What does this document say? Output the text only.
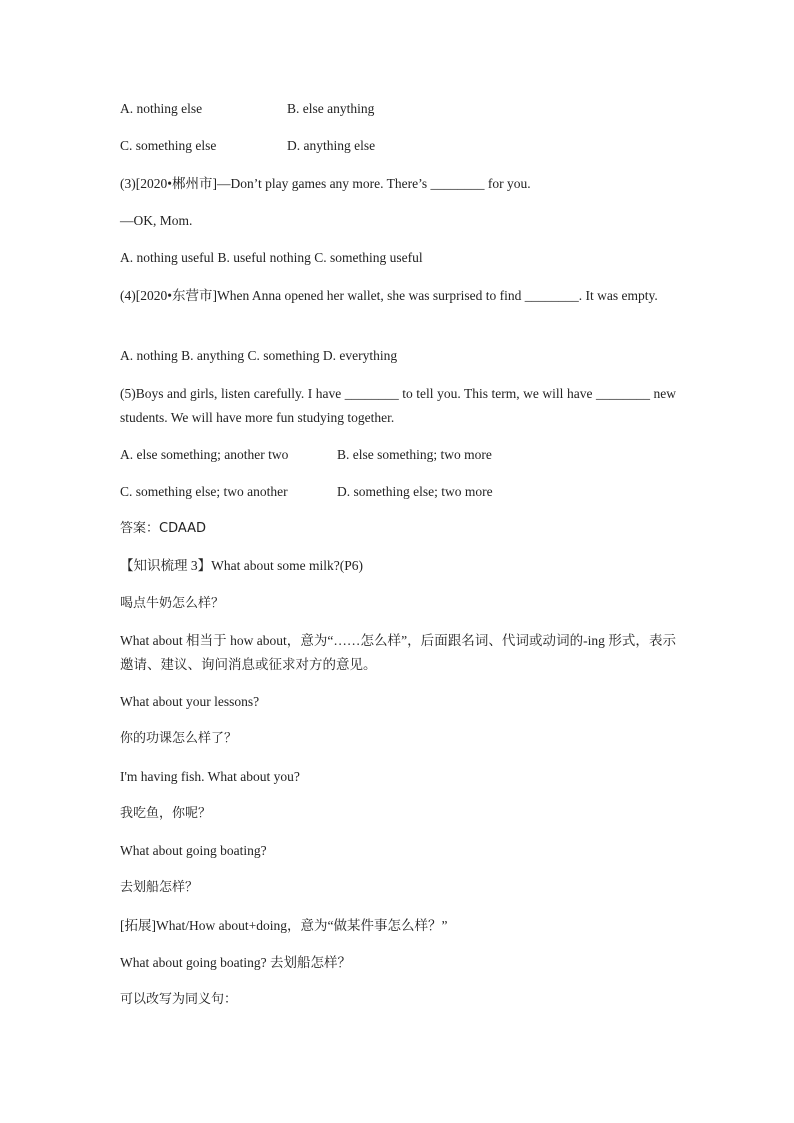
A. nothing else	B. else anything
C. something else	D. anything else
(3)[2020•郴州市]—Don’t play games any more. There’s ________ for you.
—OK, Mom.
A. nothing useful B. useful nothing C. something useful
(4)[2020•东营市]When Anna opened her wallet, she was surprised to find ________. It was empty.
A. nothing B. anything C. something D. everything
(5)Boys and girls, listen carefully. I have ________ to tell you. This term, we will have ________ new students. We will have more fun studying together.
A. else something; another two	B. else something; two more
C. something else; two another	D. something else; two more
答案：CDAAD
【知识梳理 3】What about some milk?(P6)
喝点牛奶怎么样？
What about 相当于 how about，意为“……怎么样”，后面跟名词、代词或动词的-ing 形式，表示邀请、建议、询问消息或征求对方的意见。
What about your lessons?
你的功课怎么样了？
I'm having fish. What about you?
我吃鱼，你呢？
What about going boating?
去划船怎样？
[拓展]What/How about+doing，意为“做某件事怎么样？”
What about going boating? 去划船怎样？
可以改写为同义句：
